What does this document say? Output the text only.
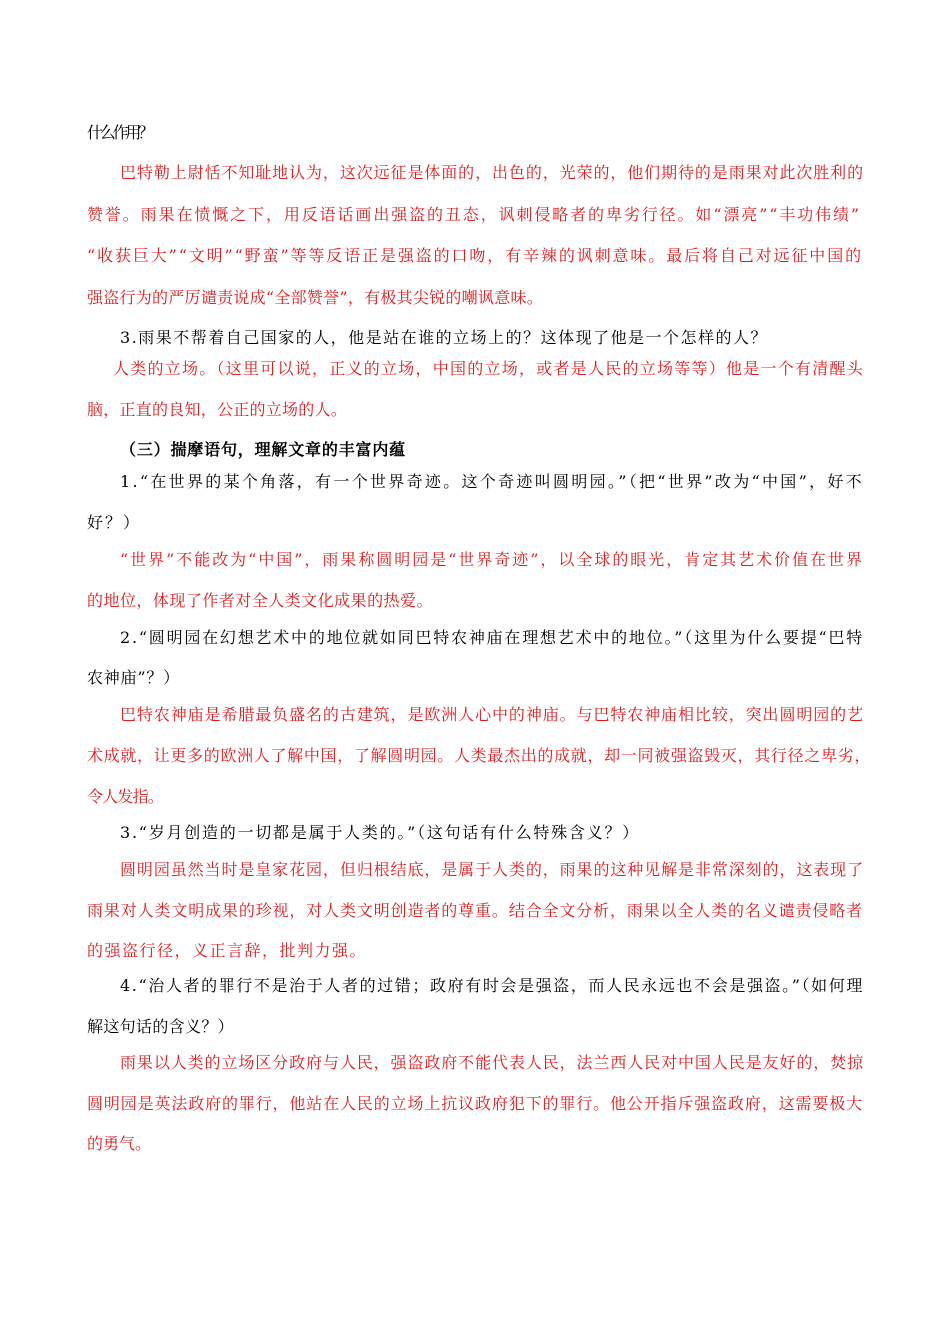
什么作用？
巴特勒上尉恬不知耻地认为，这次远征是体面的，出色的，光荣的，他们期待的是雨果对此次胜利的
赞誉。雨果在愤慨之下，用反语话画出强盗的丑态，讽刺侵略者的卑劣行径。如“漂亮”“丰功伟绩”
“收获巨大”“文明”“野蛮”等等反语正是强盗的口吻，有辛辣的讽刺意味。最后将自己对远征中国的
强盗行为的严厉谴责说成“全部赞誉”，有极其尖锐的嘲讽意味。
3.雨果不帮着自己国家的人，他是站在谁的立场上的？这体现了他是一个怎样的人？
人类的立场。（这里可以说，正义的立场，中国的立场，或者是人民的立场等等）他是一个有清醒头
脑，正直的良知，公正的立场的人。
（三）揣摩语句，理解文章的丰富内蕴
1.“在世界的某个角落，有一个世界奇迹。这个奇迹叫圆明园。”（把“世界”改为“中国”，好不
好？）
“世界”不能改为“中国”，雨果称圆明园是“世界奇迹”，以全球的眼光，肯定其艺术价值在世界
的地位，体现了作者对全人类文化成果的热爱。
2.“圆明园在幻想艺术中的地位就如同巴特农神庙在理想艺术中的地位。”（这里为什么要提“巴特
农神庙”？）
巴特农神庙是希腊最负盛名的古建筑，是欧洲人心中的神庙。与巴特农神庙相比较，突出圆明园的艺
术成就，让更多的欧洲人了解中国，了解圆明园。人类最杰出的成就，却一同被强盗毁灭，其行径之卑劣，
令人发指。
3.“岁月创造的一切都是属于人类的。”（这句话有什么特殊含义？）
圆明园虽然当时是皇家花园，但归根结底，是属于人类的，雨果的这种见解是非常深刻的，这表现了
雨果对人类文明成果的珍视，对人类文明创造者的尊重。结合全文分析，雨果以全人类的名义谴责侵略者
的强盗行径，义正言辞，批判力强。
4.“治人者的罪行不是治于人者的过错；政府有时会是强盗，而人民永远也不会是强盗。”（如何理
解这句话的含义？）
雨果以人类的立场区分政府与人民，强盗政府不能代表人民，法兰西人民对中国人民是友好的，焚掠
圆明园是英法政府的罪行，他站在人民的立场上抗议政府犯下的罪行。他公开指斥强盗政府，这需要极大
的勇气。
